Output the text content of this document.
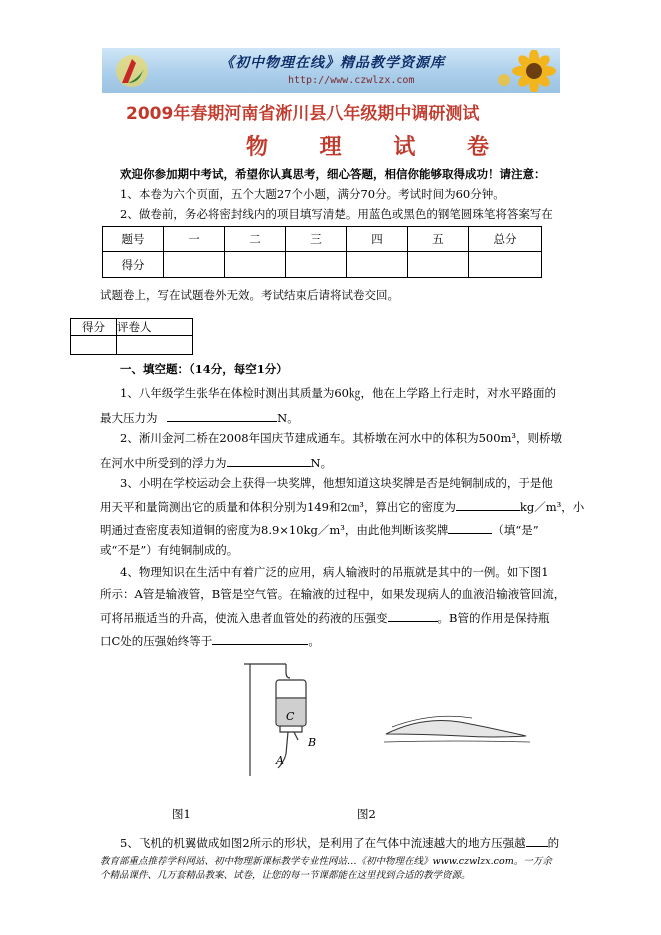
《初中物理在线》精品教学资源库
http://www.czwlzx.com
2009年春期河南省淅川县八年级期中调研测试
物 理 试 卷
欢迎你参加期中考试，希望你认真思考，细心答题，相信你能够取得成功！请注意：
1、本卷为六个页面，五个大题27个小题，满分70分。考试时间为60分钟。
2、做卷前，务必将密封线内的项目填写清楚。用蓝色或黑色的钢笔圆珠笔将答案写在
题号	一	二	三	四	五	总分
得分						
试题卷上，写在试题卷外无效。考试结束后请将试卷交回。
得分	评卷人

一、填空题：（14分，每空1分）
1、八年级学生张华在体检时测出其质量为60㎏，他在上学路上行走时，对水平路面的
最大压力为	N。
2、淅川金河二桥在2008年国庆节建成通车。其桥墩在河水中的体积为500m³，则桥墩
在河水中所受到的浮力为	N。
3、小明在学校运动会上获得一块奖牌，他想知道这块奖牌是否是纯铜制成的，于是他
用天平和量筒测出它的质量和体积分别为149和2㎝³，算出它的密度为	kg／m³，小
明通过查密度表知道铜的密度为8.9×10kg／m³，由此他判断该奖牌	（填“是”
或“不是”）有纯铜制成的。
4、物理知识在生活中有着广泛的应用，病人输液时的吊瓶就是其中的一例。如下图1
所示：A管是输液管，B管是空气管。在输液的过程中，如果发现病人的血液沿输液管回流，
可将吊瓶适当的升高，使流入患者血管处的药液的压强变	。B管的作用是保持瓶
口C处的压强始终等于	。
C
B
A
图1	图2
5、飞机的机翼做成如图2所示的形状，是利用了在气体中流速越大的地方压强越 的
教育部重点推荐学科网站、初中物理新课标教学专业性网站…《初中物理在线》www.czwlzx.com。一万余
个精品课件、几万套精品教案、试卷，让您的每一节课都能在这里找到合适的教学资源。
